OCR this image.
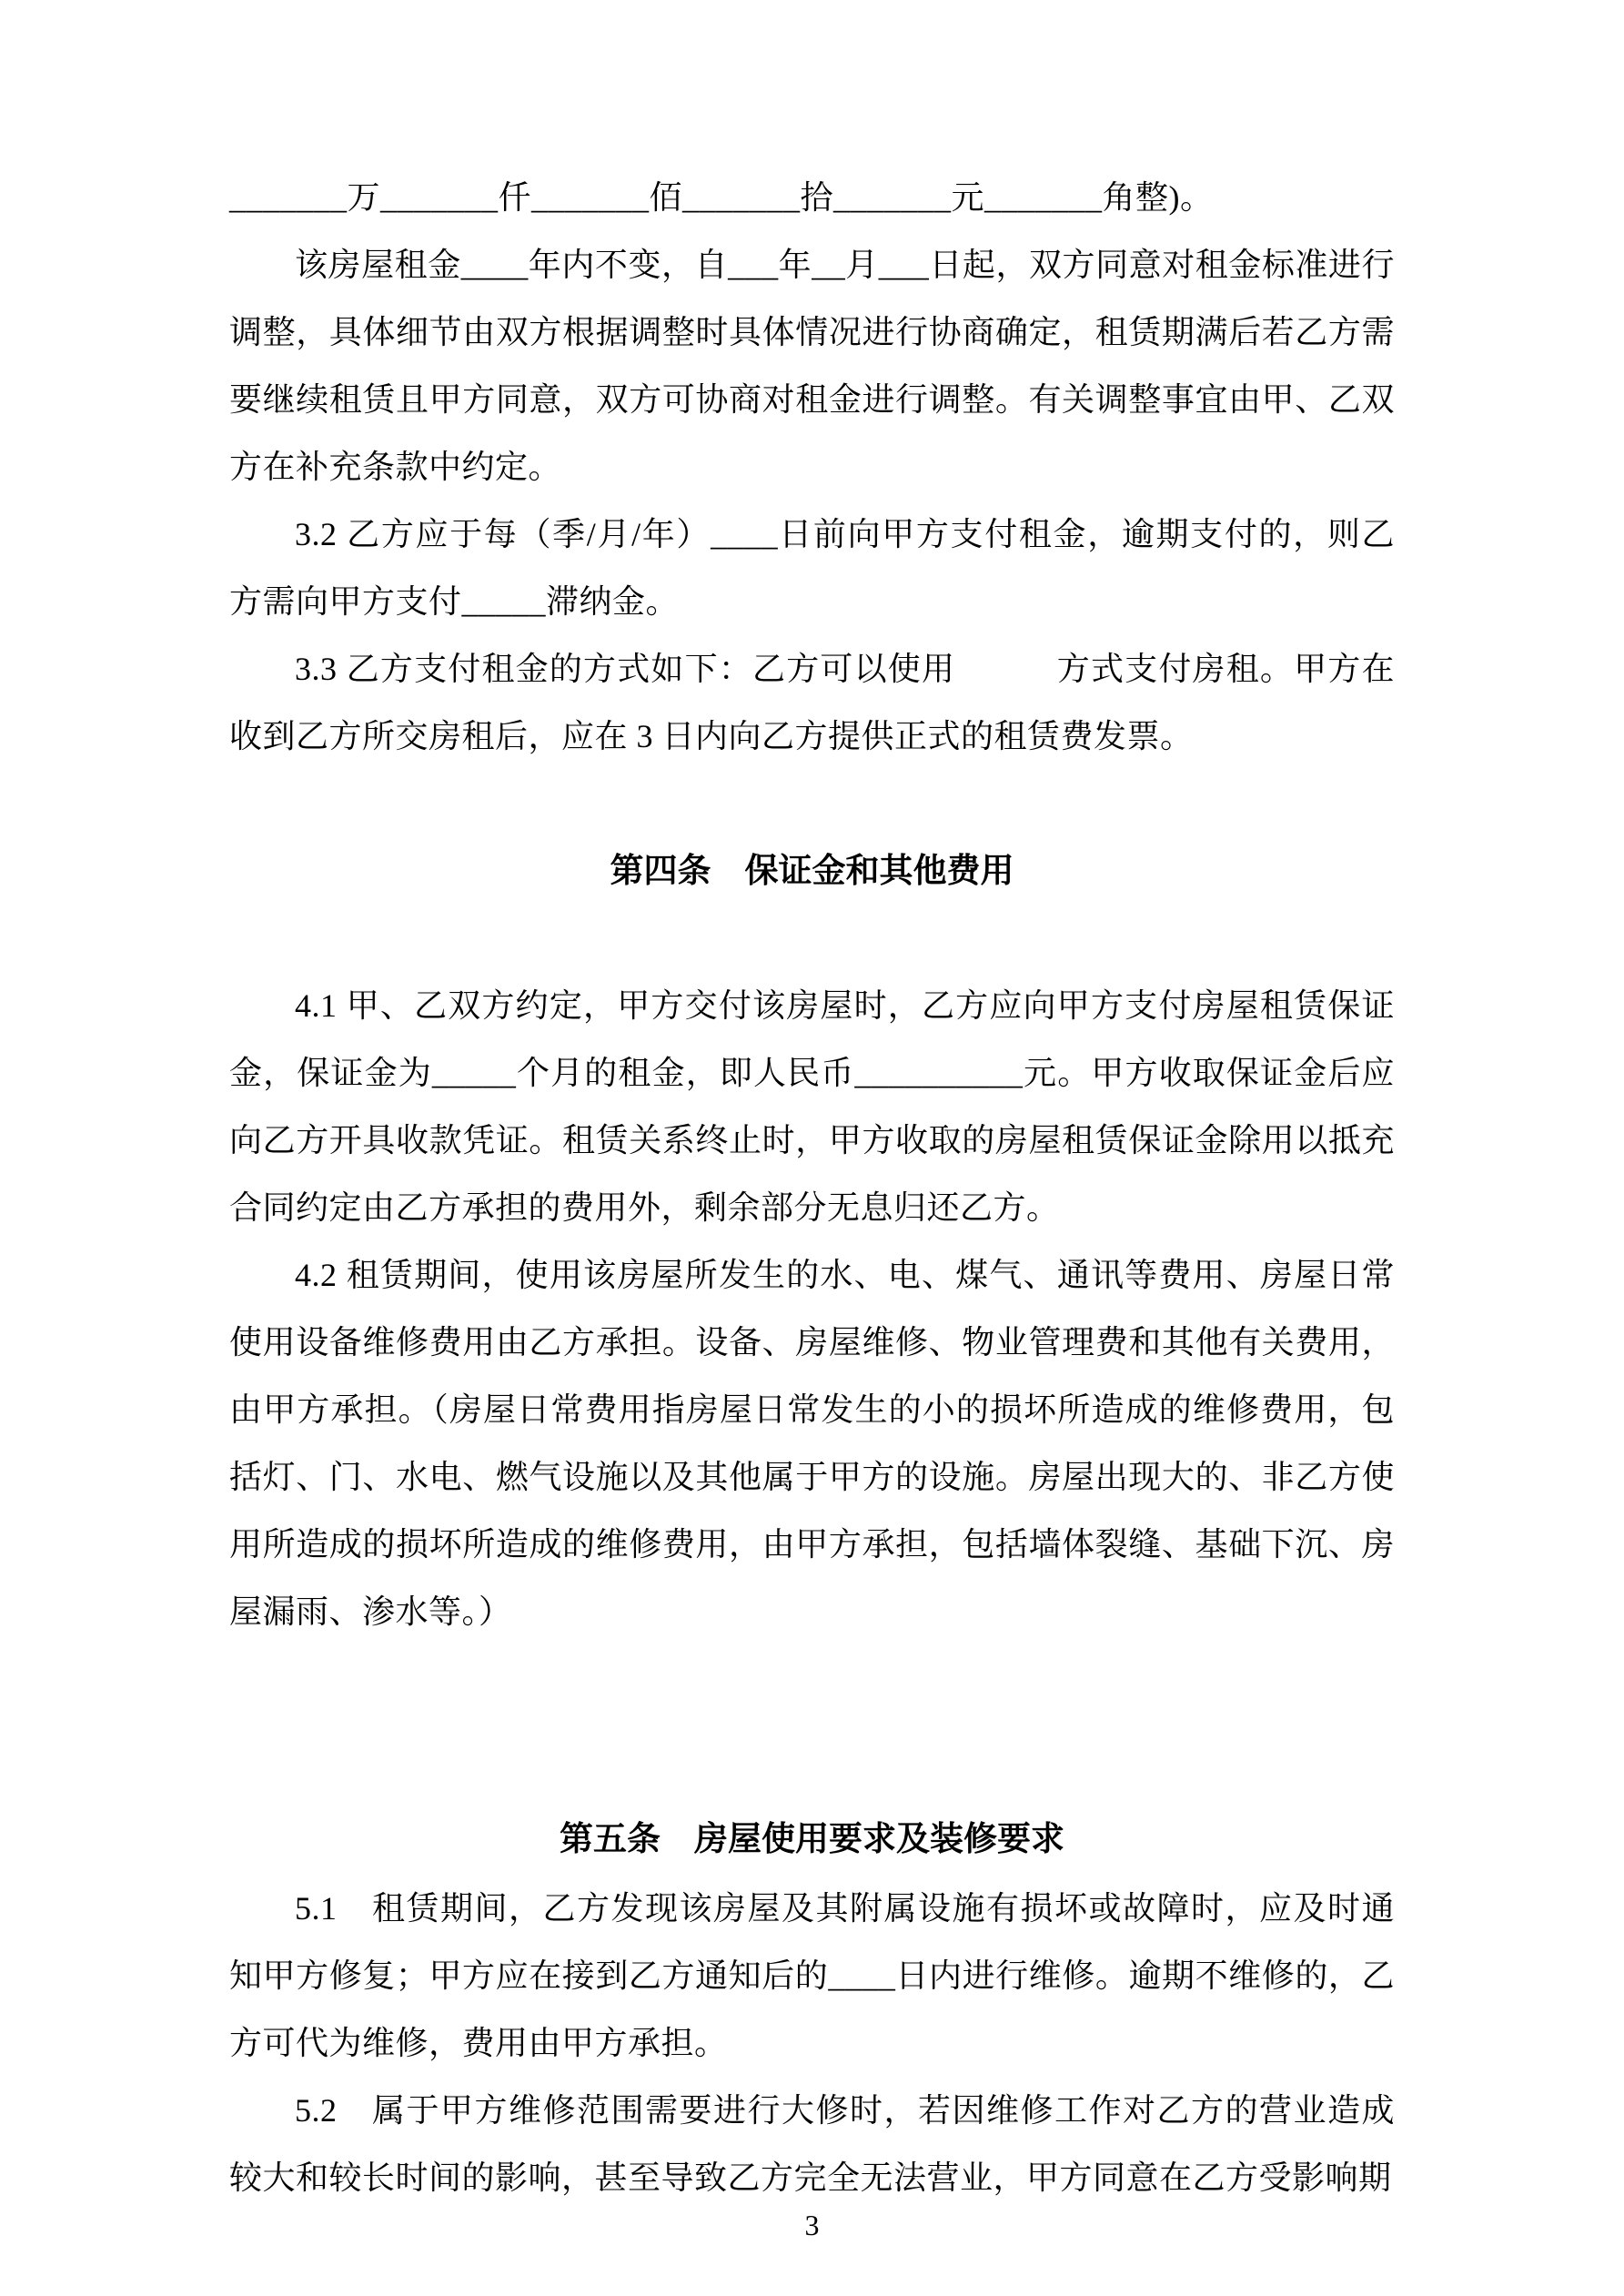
_______万_______仟_______佰_______拾_______元_______角整)。

该房屋租金____年内不变，自___年__月___日起，双方同意对租金标准进行调整，具体细节由双方根据调整时具体情况进行协商确定，租赁期满后若乙方需要继续租赁且甲方同意，双方可协商对租金进行调整。有关调整事宜由甲、乙双方在补充条款中约定。

3.2 乙方应于每（季/月/年）____日前向甲方支付租金，逾期支付的，则乙方需向甲方支付_____滞纳金。

3.3 乙方支付租金的方式如下：乙方可以使用　　　方式支付房租。甲方在收到乙方所交房租后，应在 3 日内向乙方提供正式的租赁费发票。

第四条　保证金和其他费用

4.1 甲、乙双方约定，甲方交付该房屋时，乙方应向甲方支付房屋租赁保证金，保证金为_____个月的租金，即人民币__________元。甲方收取保证金后应向乙方开具收款凭证。租赁关系终止时，甲方收取的房屋租赁保证金除用以抵充合同约定由乙方承担的费用外，剩余部分无息归还乙方。

4.2 租赁期间，使用该房屋所发生的水、电、煤气、通讯等费用、房屋日常使用设备维修费用由乙方承担。设备、房屋维修、物业管理费和其他有关费用，由甲方承担。（房屋日常费用指房屋日常发生的小的损坏所造成的维修费用，包括灯、门、水电、燃气设施以及其他属于甲方的设施。房屋出现大的、非乙方使用所造成的损坏所造成的维修费用，由甲方承担，包括墙体裂缝、基础下沉、房屋漏雨、渗水等。）

第五条　房屋使用要求及装修要求

5.1　租赁期间，乙方发现该房屋及其附属设施有损坏或故障时，应及时通知甲方修复；甲方应在接到乙方通知后的____日内进行维修。逾期不维修的，乙方可代为维修，费用由甲方承担。

5.2　属于甲方维修范围需要进行大修时，若因维修工作对乙方的营业造成较大和较长时间的影响，甚至导致乙方完全无法营业，甲方同意在乙方受影响期

3
